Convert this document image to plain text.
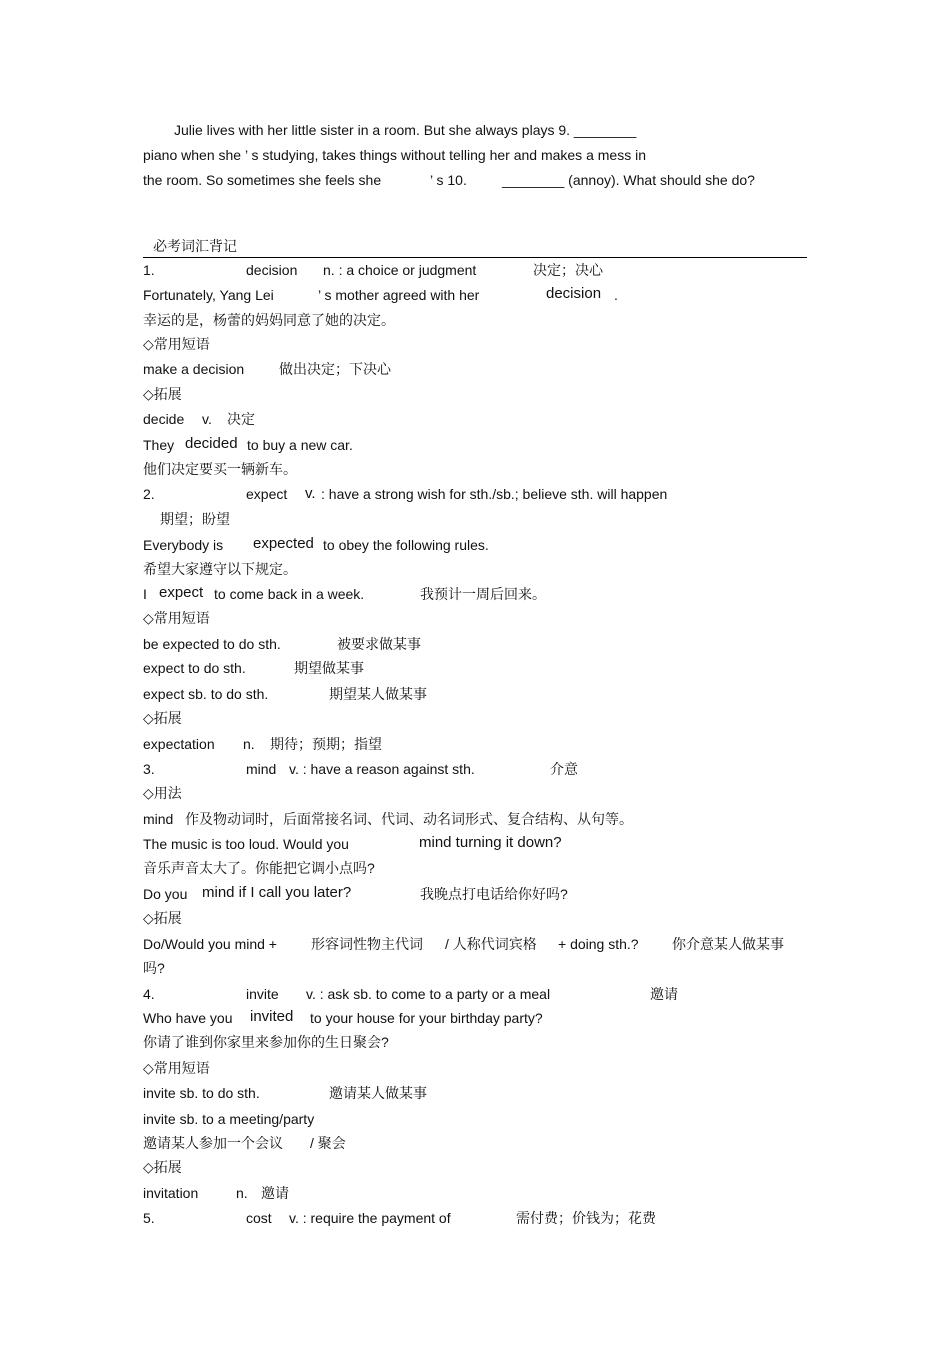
Julie lives with her little sister in a room. But she always plays 9. ________
piano when she ’ s studying, takes things without telling her and makes a mess in
the room. So sometimes she feels she	’ s 10.	________ (annoy). What should she do?
必考词汇背记
1.	decision n. : a choice or judgment	决定；决心
Fortunately, Yang Lei	’ s mother agreed with her	decision .
幸运的是，杨蕾的妈妈同意了她的决定。
◇常用短语
make a decision 做出决定；下决心
◇拓展
decide v. 决定
They decided to buy a new car.
他们决定要买一辆新车。
2.	expect v. : have a strong wish for sth./sb.; believe sth. will happen
期望；盼望
Everybody is expected to obey the following rules.
希望大家遵守以下规定。
I expect to come back in a week.	我预计一周后回来。
◇常用短语
be expected to do sth.	被要求做某事
expect to do sth.	期望做某事
expect sb. to do sth.	期望某人做某事
◇拓展
expectation n. 期待；预期；指望
3.	mind v. : have a reason against sth.	介意
◇用法
mind 作及物动词时，后面常接名词、代词、动名词形式、复合结构、从句等。
The music is too loud. Would you	mind turning it down?
音乐声音太大了。你能把它调小点吗?
Do you mind if I call you later?	我晚点打电话给你好吗?
◇拓展
Do/Would you mind + 形容词性物主代词 / 人称代词宾格 + doing sth.? 你介意某人做某事
吗?
4.	invite v. : ask sb. to come to a party or a meal	邀请
Who have you invited to your house for your birthday party?
你请了谁到你家里来参加你的生日聚会?
◇常用短语
invite sb. to do sth.	邀请某人做某事
invite sb. to a meeting/party
邀请某人参加一个会议 / 聚会
◇拓展
invitation	n. 邀请
5.	cost v. : require the payment of	需付费；价钱为；花费
